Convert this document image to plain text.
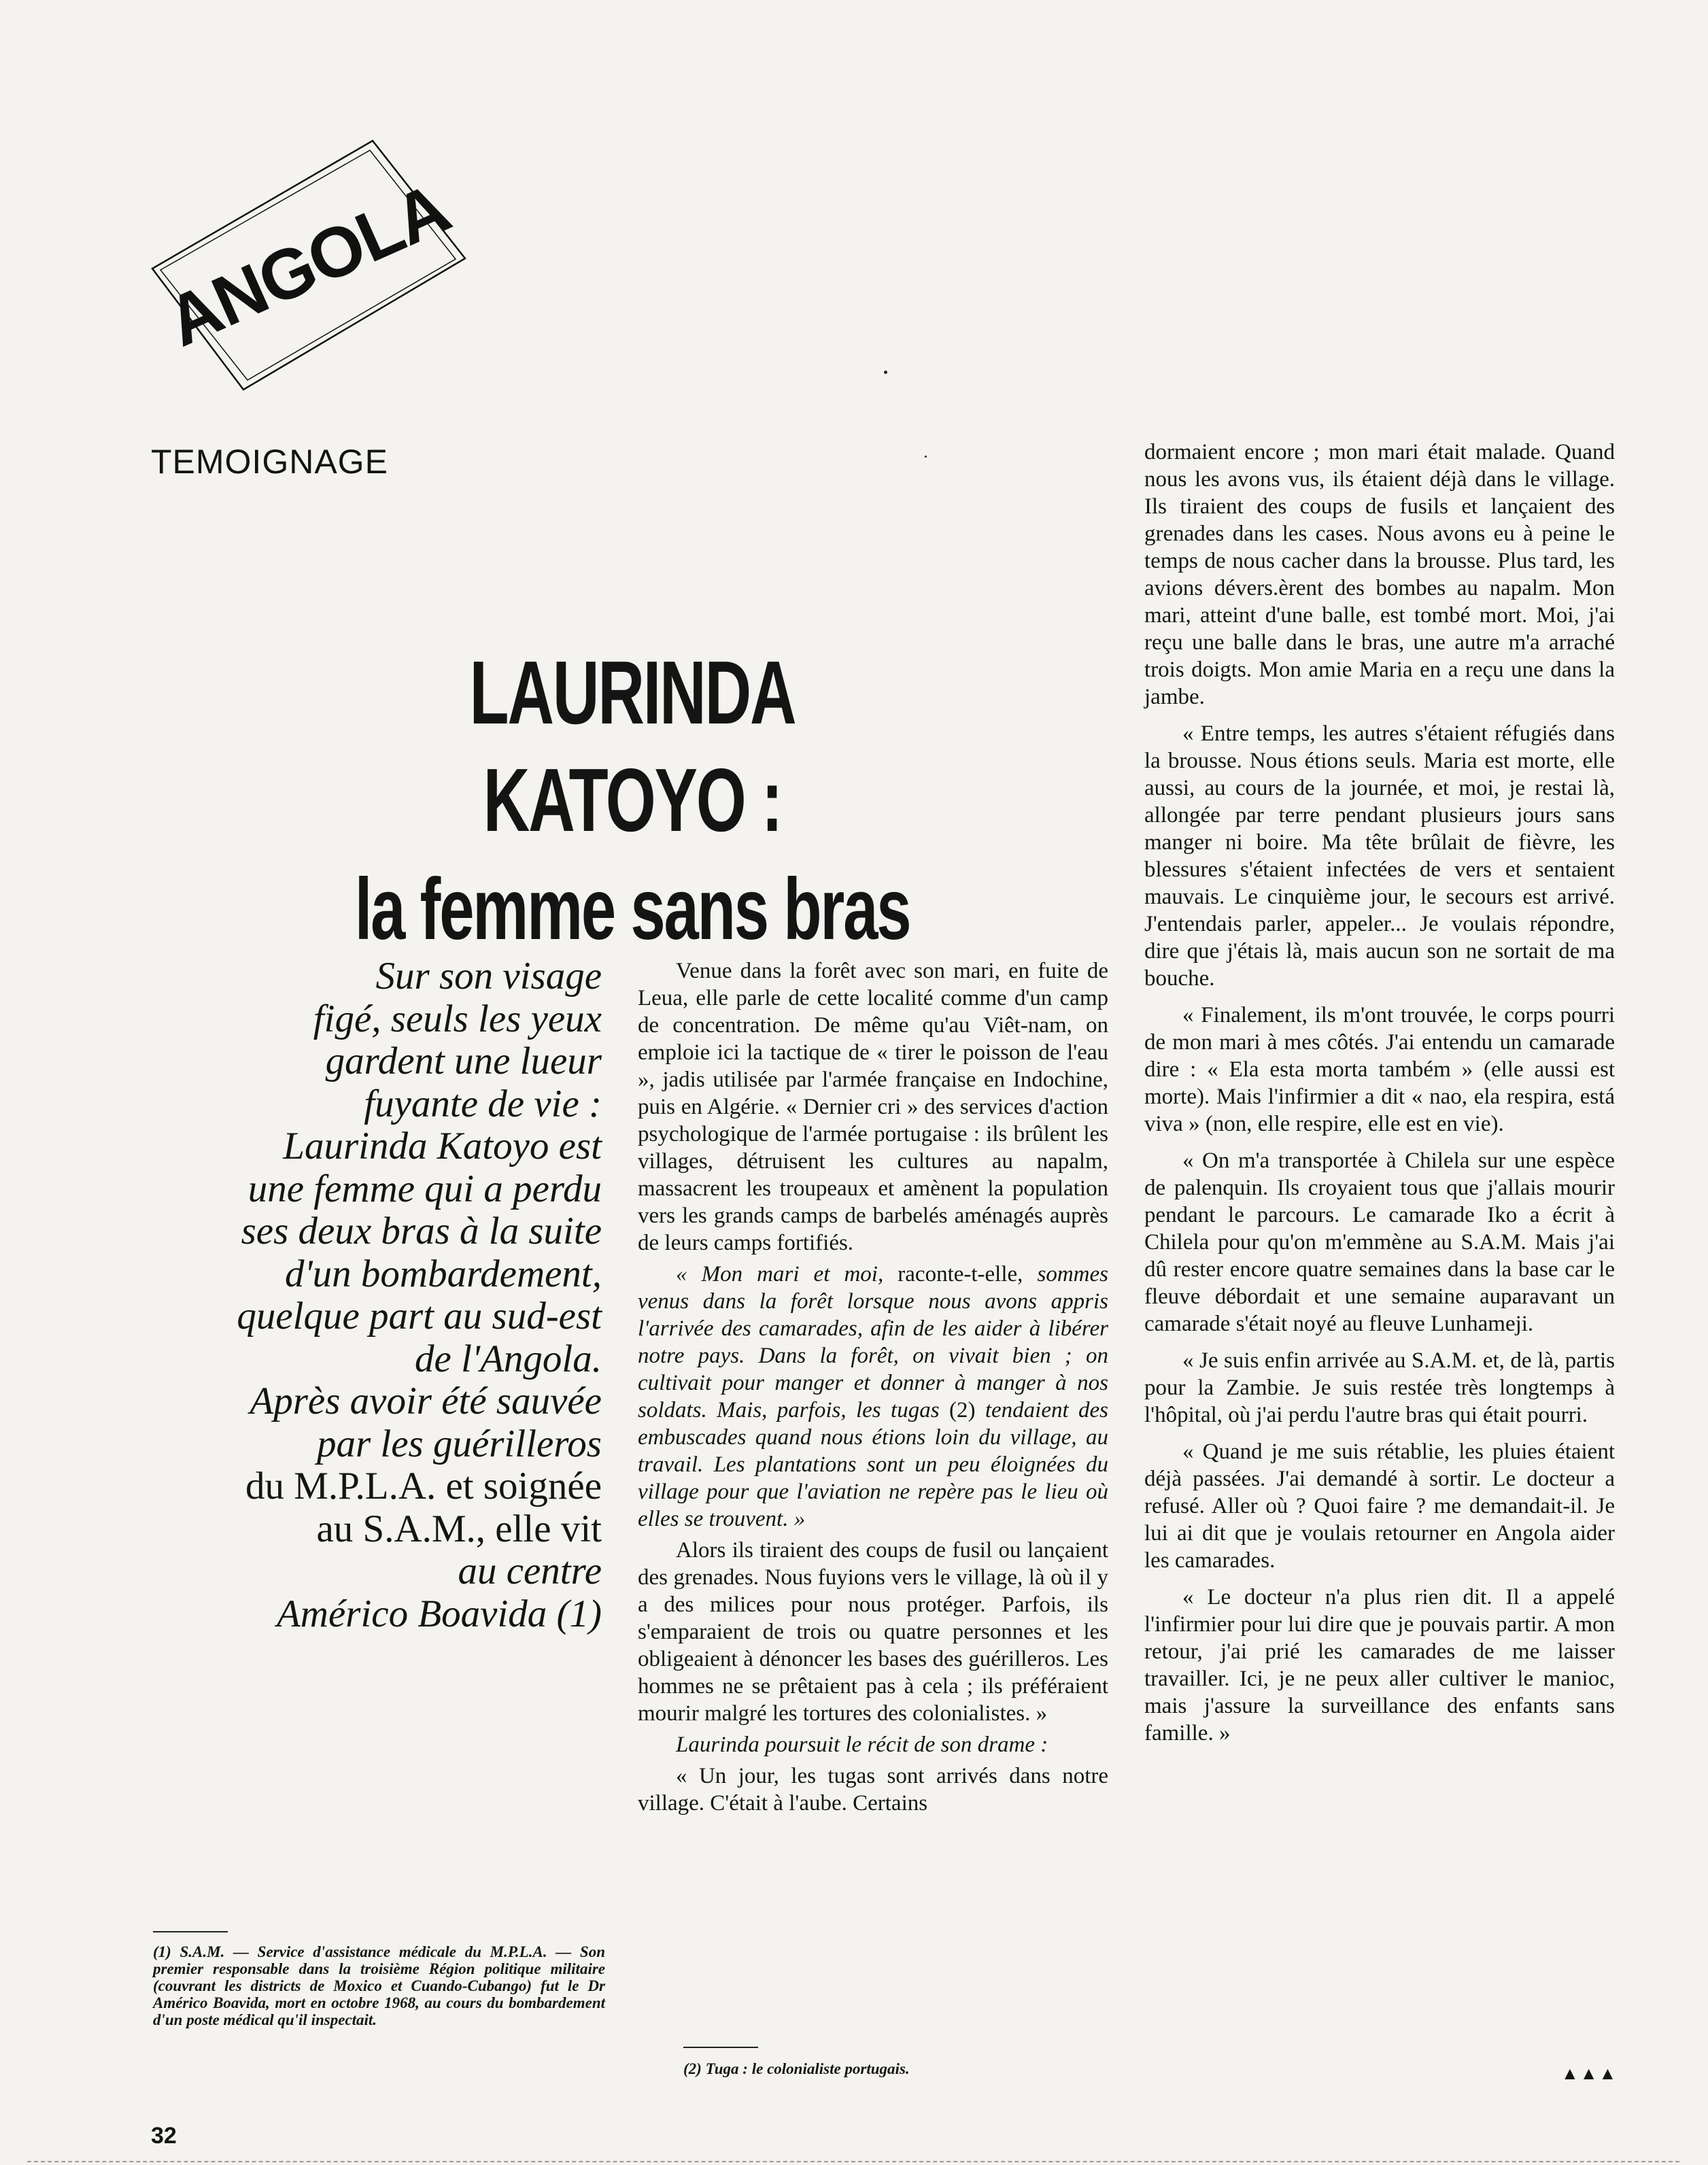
ANGOLA
TEMOIGNAGE
LAURINDA KATOYO :
la femme sans bras
Sur son visage
figé, seuls les yeux
gardent une lueur
fuyante de vie :
Laurinda Katoyo est
une femme qui a perdu
ses deux bras à la suite
d'un bombardement,
quelque part au sud-est
de l'Angola.
Après avoir été sauvée
par les guérilleros
du M.P.L.A. et soignée
au S.A.M., elle vit
au centre
Américo Boavida (1)

Venue dans la forêt avec son mari, en fuite de Leua, elle parle de cette localité comme d'un camp de concentration. De même qu'au Viêt-nam, on emploie ici la tactique de « tirer le poisson de l'eau », jadis utilisée par l'armée française en Indochine, puis en Algérie. « Dernier cri » des services d'action psychologique de l'armée portugaise : ils brûlent les villages, détruisent les cultures au napalm, massacrent les troupeaux et amènent la population vers les grands camps de barbelés aménagés auprès de leurs camps fortifiés.

« Mon mari et moi, raconte-t-elle, sommes venus dans la forêt lorsque nous avons appris l'arrivée des camarades, afin de les aider à libérer notre pays. Dans la forêt, on vivait bien ; on cultivait pour manger et donner à manger à nos soldats. Mais, parfois, les tugas (2) tendaient des embuscades quand nous étions loin du village, au travail. Les plantations sont un peu éloignées du village pour que l'aviation ne repère pas le lieu où elles se trouvent. »

Alors ils tiraient des coups de fusil ou lançaient des grenades. Nous fuyions vers le village, là où il y a des milices pour nous protéger. Parfois, ils s'emparaient de trois ou quatre personnes et les obligeaient à dénoncer les bases des guérilleros. Les hommes ne se prêtaient pas à cela ; ils préféraient mourir malgré les tortures des colonialistes. »

Laurinda poursuit le récit de son drame :

« Un jour, les tugas sont arrivés dans notre village. C'était à l'aube. Certains

dormaient encore ; mon mari était malade. Quand nous les avons vus, ils étaient déjà dans le village. Ils tiraient des coups de fusils et lançaient des grenades dans les cases. Nous avons eu à peine le temps de nous cacher dans la brousse. Plus tard, les avions dévers.èrent des bombes au napalm. Mon mari, atteint d'une balle, est tombé mort. Moi, j'ai reçu une balle dans le bras, une autre m'a arraché trois doigts. Mon amie Maria en a reçu une dans la jambe.

« Entre temps, les autres s'étaient réfugiés dans la brousse. Nous étions seuls. Maria est morte, elle aussi, au cours de la journée, et moi, je restai là, allongée par terre pendant plusieurs jours sans manger ni boire. Ma tête brûlait de fièvre, les blessures s'étaient infectées de vers et sentaient mauvais. Le cinquième jour, le secours est arrivé. J'entendais parler, appeler... Je voulais répondre, dire que j'étais là, mais aucun son ne sortait de ma bouche.

« Finalement, ils m'ont trouvée, le corps pourri de mon mari à mes côtés. J'ai entendu un camarade dire : « Ela esta morta também » (elle aussi est morte). Mais l'infirmier a dit « nao, ela respira, está viva » (non, elle respire, elle est en vie).

« On m'a transportée à Chilela sur une espèce de palenquin. Ils croyaient tous que j'allais mourir pendant le parcours. Le camarade Iko a écrit à Chilela pour qu'on m'emmène au S.A.M. Mais j'ai dû rester encore quatre semaines dans la base car le fleuve débordait et une semaine auparavant un camarade s'était noyé au fleuve Lunhameji.

« Je suis enfin arrivée au S.A.M. et, de là, partis pour la Zambie. Je suis restée très longtemps à l'hôpital, où j'ai perdu l'autre bras qui était pourri.

« Quand je me suis rétablie, les pluies étaient déjà passées. J'ai demandé à sortir. Le docteur a refusé. Aller où ? Quoi faire ? me demandait-il. Je lui ai dit que je voulais retourner en Angola aider les camarades.

« Le docteur n'a plus rien dit. Il a appelé l'infirmier pour lui dire que je pouvais partir. A mon retour, j'ai prié les camarades de me laisser travailler. Ici, je ne peux aller cultiver le manioc, mais j'assure la surveillance des enfants sans famille. »

▲▲▲

(1) S.A.M. — Service d'assistance médicale du M.P.L.A. — Son premier responsable dans la troisième Région politique militaire (couvrant les districts de Moxico et Cuando-Cubango) fut le Dr Américo Boavida, mort en octobre 1968, au cours du bombardement d'un poste médical qu'il inspectait.

(2) Tuga : le colonialiste portugais.

32
